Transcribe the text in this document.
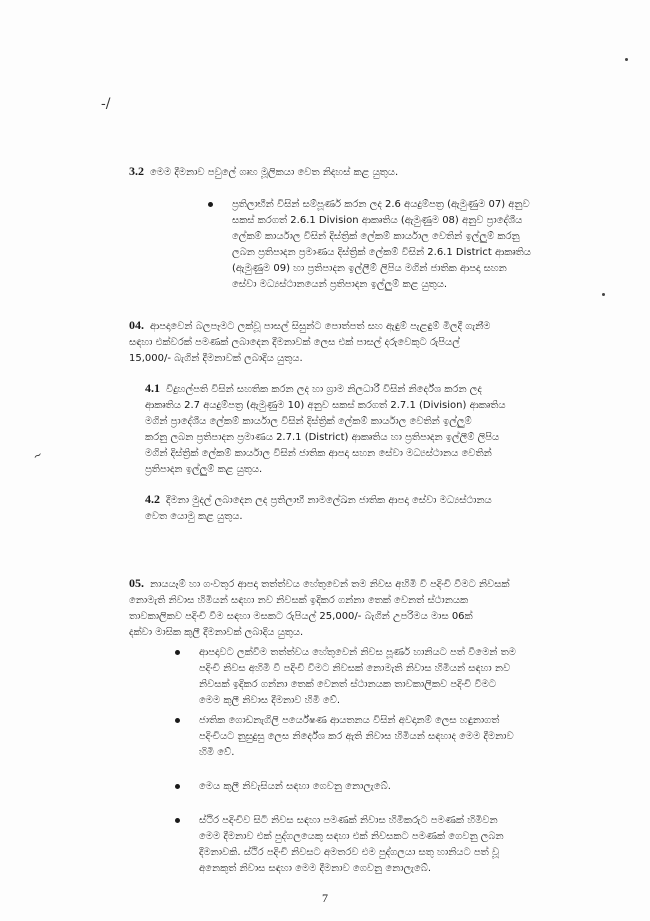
-/
~
3.2 මෙම දීමනාව පවුලේ ගෘහ මූලිකයා වෙත නිදහස් කළ යුතුය.
ප්‍රතිලාභීන් විසින් සම්පූර්ණ කරන ලද 2.6 අයදුම්පත්‍ර (ඇමුණුම 07) අනුව
සකස් කරගත් 2.6.1 Division ආකෘතිය (ඇමුණුම 08) අනුව ප්‍රාදේශීය
ලේකම් කාර්යාල විසින් දිස්ත්‍රික් ලේකම් කාර්යාල වෙතින් ඉල්ලුම් කරනු
ලබන ප්‍රතිපාදන ප්‍රමාණය දිස්ත්‍රික් ලේකම් විසින් 2.6.1 District ආකෘතිය
(ඇමුණුම 09) හා ප්‍රතිපාදන ඉල්ලීම් ලිපිය මගින් ජාතික ආපදා සහන
සේවා මධ්‍යස්ථානයෙන් ප්‍රතිපාදන ඉල්ලුම් කළ යුතුය.
04. ආපදාවෙන් බලපෑමට ලක්වූ පාසල් සිසුන්ට පොත්පත් සහ ඇඳුම් පැළඳුම් මිලදී ගැනීම
සඳහා එක්වරක් පමණක් ලබාදෙන දීමනාවක් ලෙස එක් පාසල් දරුවෙකුට රුපියල්
15,000/- බැගින් දීමනාවක් ලබාදිය යුතුය.
4.1 විදුහල්පති විසින් සහතික කරන ලද හා ග්‍රාම නිලධාරී විසින් නිර්දේශ කරන ලද
ආකෘතිය 2.7 අයදුම්පත්‍ර (ඇමුණුම 10) අනුව සකස් කරගත් 2.7.1 (Division) ආකෘතිය
මගින් ප්‍රාදේශීය ලේකම් කාර්යාල විසින් දිස්ත්‍රික් ලේකම් කාර්යාල වෙතින් ඉල්ලුම්
කරනු ලබන ප්‍රතිපාදන ප්‍රමාණය 2.7.1 (District) ආකෘතිය හා ප්‍රතිපාදන ඉල්ලීම් ලිපිය
මගින් දිස්ත්‍රික් ලේකම් කාර්යාල විසින් ජාතික ආපදා සහන සේවා මධ්‍යස්ථානය වෙතින්
ප්‍රතිපාදන ඉල්ලුම් කළ යුතුය.
4.2 දීමනා මුදල් ලබාදෙන ලද ප්‍රතිලාභී නාමලේඛන ජාතික ආපදා සේවා මධ්‍යස්ථානය
වෙත යොමු කළ යුතුය.
05. නායයෑම් හා ගංවතුර ආපදා තත්ත්වය හේතුවෙන් තම නිවස අහිමි වී පදිංචි වීමට නිවසක්
නොමැති නිවාස හිමියන් සඳහා නව නිවසක් ඉදිකර ගන්නා තෙක් වෙනත් ස්ථානයක
තාවකාලිකව පදිංචි වීම සඳහා මසකට රුපියල් 25,000/- බැගින් උපරිමය මාස 06ක්
දක්වා මාසික කුලී දීමනාවක් ලබාදිය යුතුය.
ආපදාවට ලක්වීම තත්ත්වය හේතුවෙන් නිවස පූර්ණ හානියට පත් වීමෙන් තම
පදිංචි නිවස අහිමි වී පදිංචි වීමට නිවසක් නොමැති නිවාස හිමියන් සඳහා නව
නිවසක් ඉදිකර ගන්නා තෙක් වෙනත් ස්ථානයක තාවකාලිකව පදිංචි වීමට
මෙම කුලී නිවාස දීමනාව හිමි වේ.
ජාතික ගොඩනැගිලි පර්යේෂණ ආයතනය විසින් අවදානම් ලෙස හඳුනාගත්
පදිංචියට නුසුදුසු ලෙස නිර්දේශ කර ඇති නිවාස හිමියන් සඳහාද මෙම දීමනාව
හිමි වේ.
මෙය කුලී නිවැසියන් සඳහා ගෙවනු නොලැබේ.
ස්ථිර පදිංචිව සිටි නිවස සඳහා පමණක් නිවාස හිමිකරුට පමණක් හිමිවන
මෙම දීමනාව එක් පුද්ගලයෙකු සඳහා එක් නිවසකට පමණක් ගෙවනු ලබන
දීමනාවකි. ස්ථිර පදිංචි නිවසට අමතරව එම පුද්ගලයා සතු හානියට පත් වූ
අනෙකුත් නිවාස සඳහා මෙම දීමනාව ගෙවනු නොලැබේ.
7
